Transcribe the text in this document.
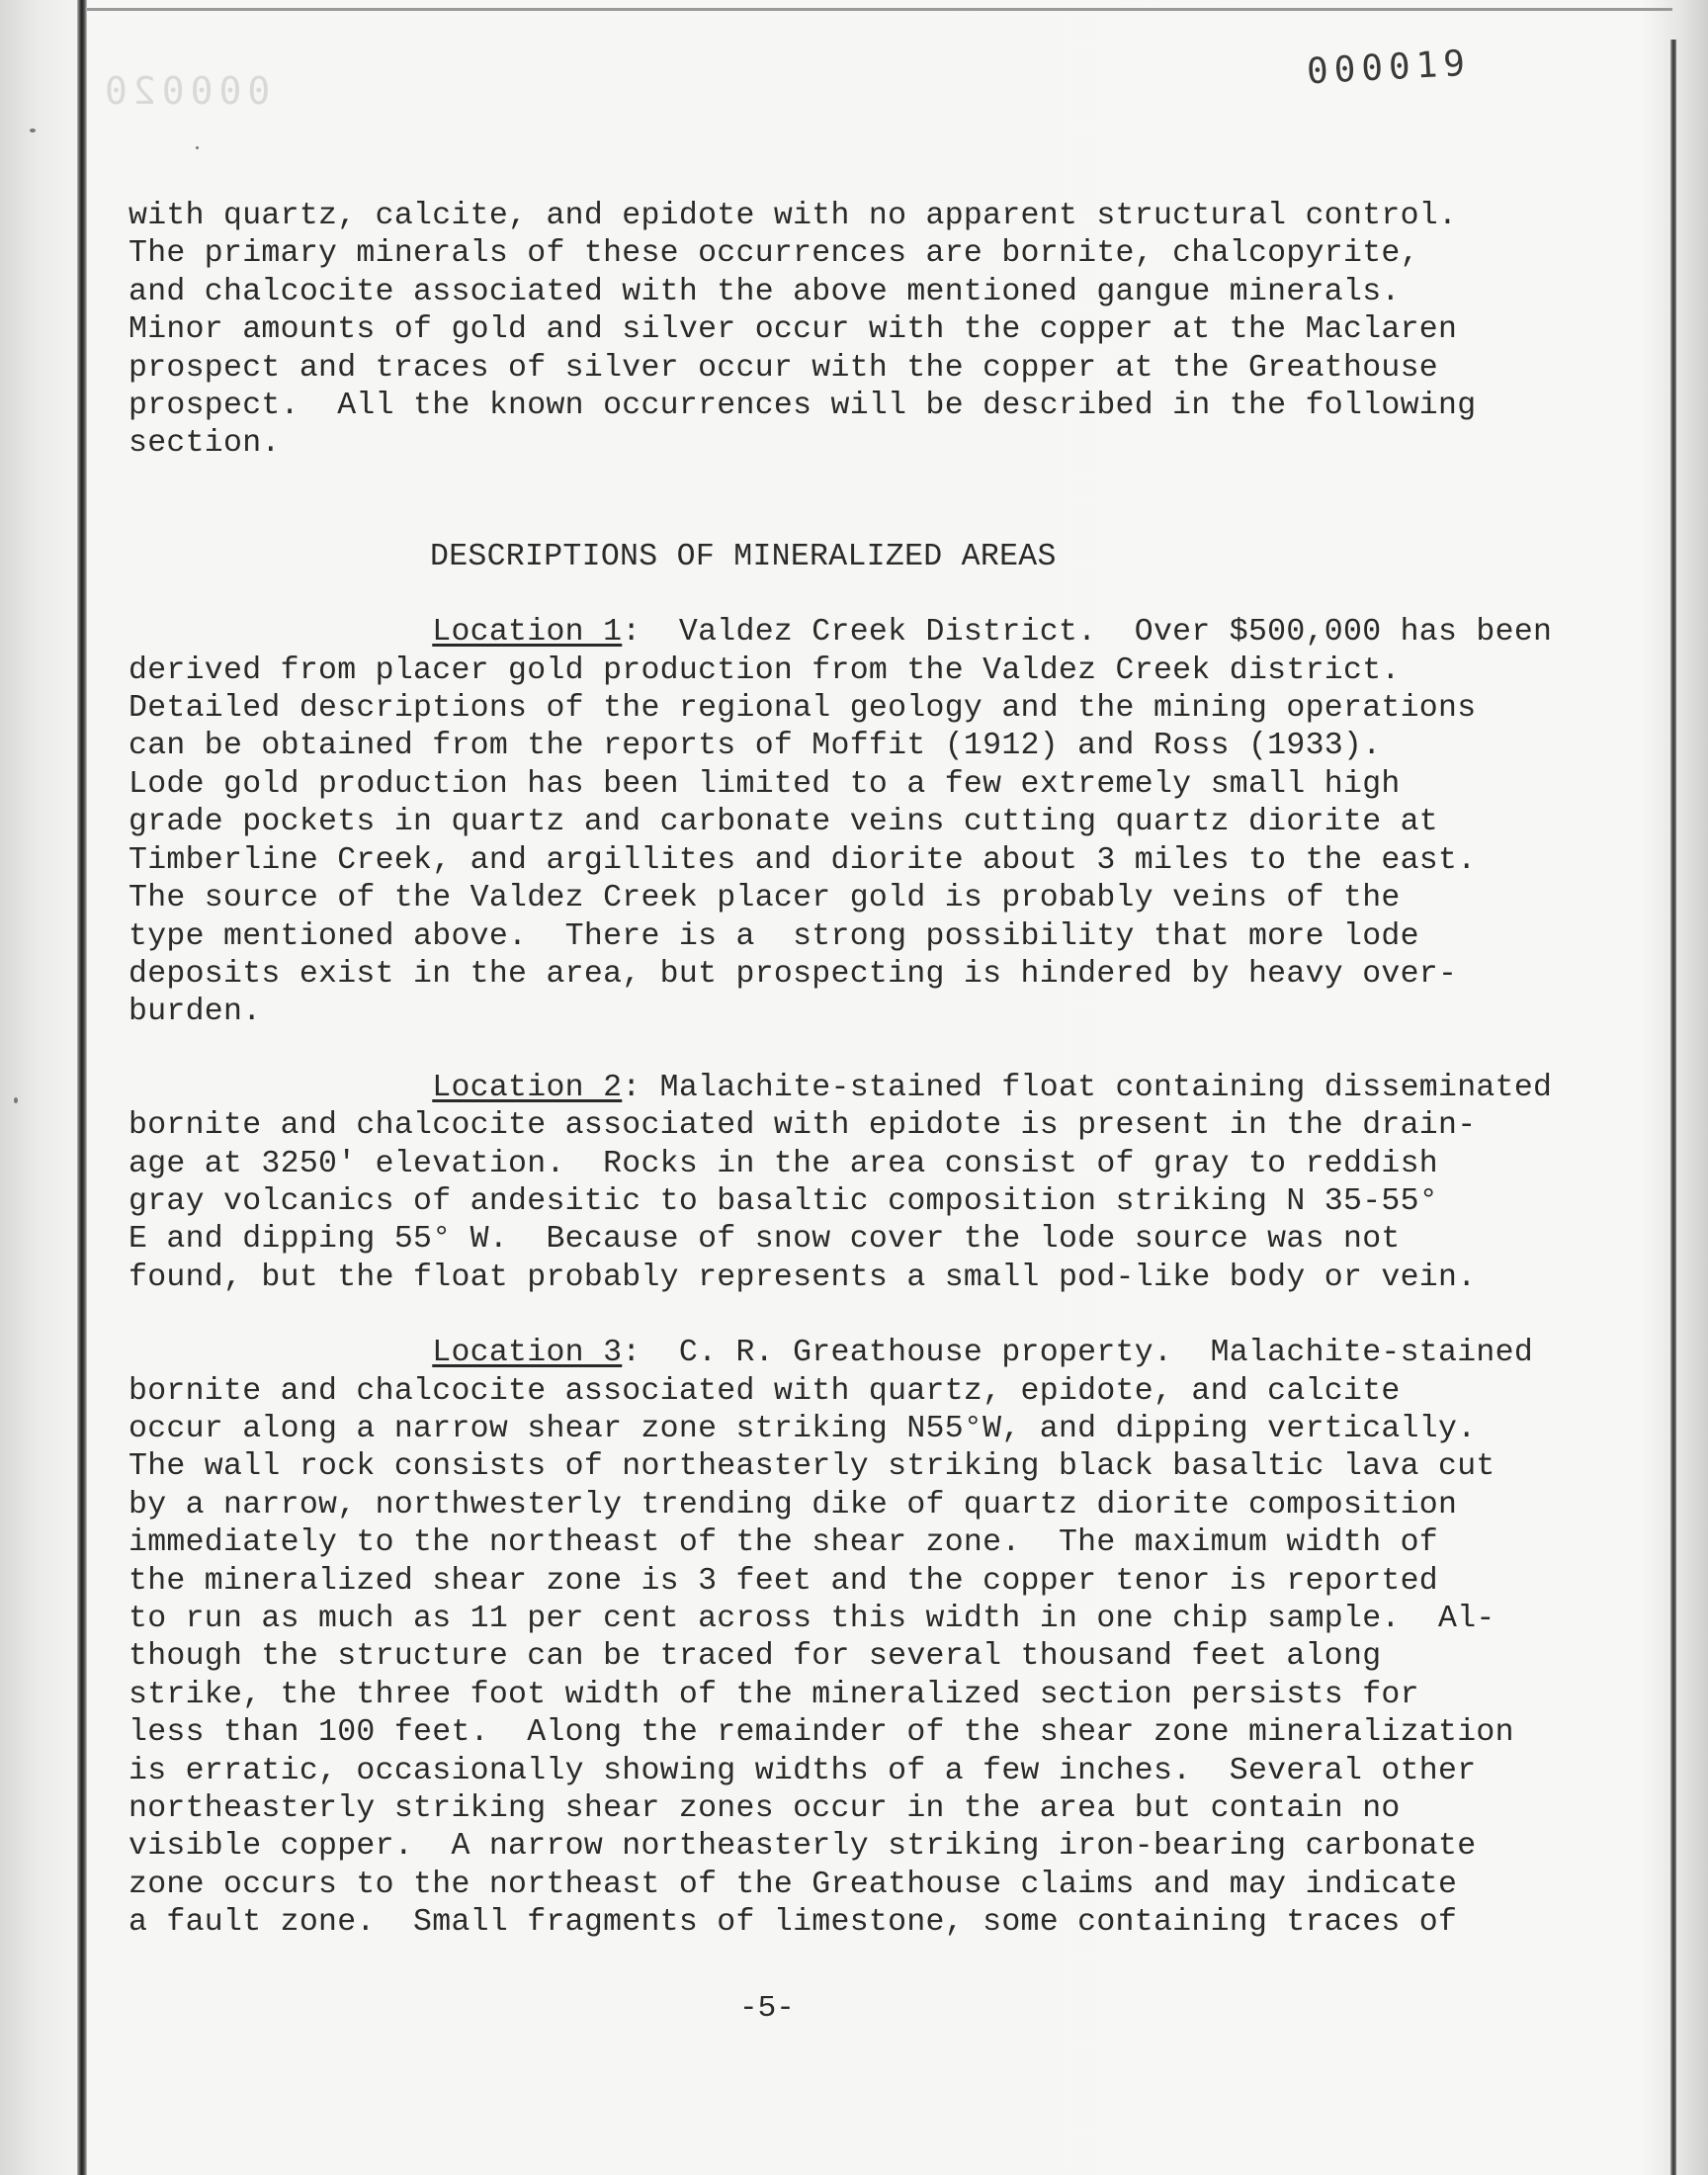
000020	000019

with quartz, calcite, and epidote with no apparent structural control.

The primary minerals of these occurrences are bornite, chalcopyrite,

and chalcocite associated with the above mentioned gangue minerals.

Minor amounts of gold and silver occur with the copper at the Maclaren

prospect and traces of silver occur with the copper at the Greathouse

prospect.  All the known occurrences will be described in the following

section.

DESCRIPTIONS OF MINERALIZED AREAS

Location 1:  Valdez Creek District.  Over $500,000 has been

derived from placer gold production from the Valdez Creek district.

Detailed descriptions of the regional geology and the mining operations

can be obtained from the reports of Moffit (1912) and Ross (1933).

Lode gold production has been limited to a few extremely small high

grade pockets in quartz and carbonate veins cutting quartz diorite at

Timberline Creek, and argillites and diorite about 3 miles to the east.

The source of the Valdez Creek placer gold is probably veins of the

type mentioned above.  There is a  strong possibility that more lode

deposits exist in the area, but prospecting is hindered by heavy over-

burden.

Location 2: Malachite-stained float containing disseminated

bornite and chalcocite associated with epidote is present in the drain-

age at 3250' elevation.  Rocks in the area consist of gray to reddish

gray volcanics of andesitic to basaltic composition striking N 35-55°

E and dipping 55° W.  Because of snow cover the lode source was not

found, but the float probably represents a small pod-like body or vein.

Location 3:  C. R. Greathouse property.  Malachite-stained

bornite and chalcocite associated with quartz, epidote, and calcite

occur along a narrow shear zone striking N55°W, and dipping vertically.

The wall rock consists of northeasterly striking black basaltic lava cut

by a narrow, northwesterly trending dike of quartz diorite composition

immediately to the northeast of the shear zone.  The maximum width of

the mineralized shear zone is 3 feet and the copper tenor is reported

to run as much as 11 per cent across this width in one chip sample.  Al-

though the structure can be traced for several thousand feet along

strike, the three foot width of the mineralized section persists for

less than 100 feet.  Along the remainder of the shear zone mineralization

is erratic, occasionally showing widths of a few inches.  Several other

northeasterly striking shear zones occur in the area but contain no

visible copper.  A narrow northeasterly striking iron-bearing carbonate

zone occurs to the northeast of the Greathouse claims and may indicate

a fault zone.  Small fragments of limestone, some containing traces of

-5-
